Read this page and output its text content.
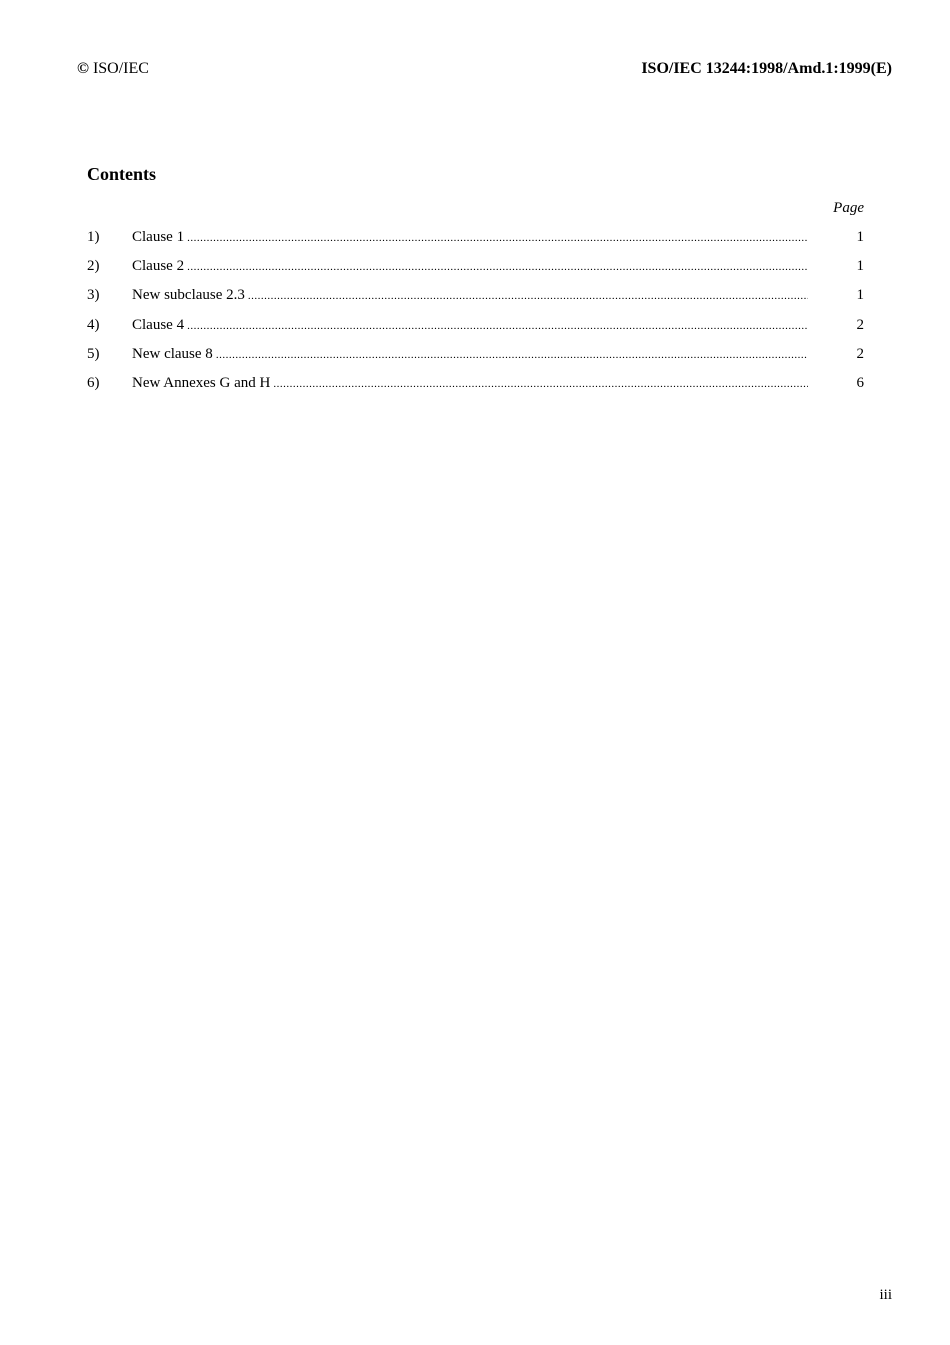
© ISO/IEC	ISO/IEC 13244:1998/Amd.1:1999(E)
Contents
Page
1)	Clause 1 .....	1
2)	Clause 2 .....	1
3)	New subclause 2.3 .....	1
4)	Clause 4 .....	2
5)	New clause 8 .....	2
6)	New Annexes G and H .....	6
iii
